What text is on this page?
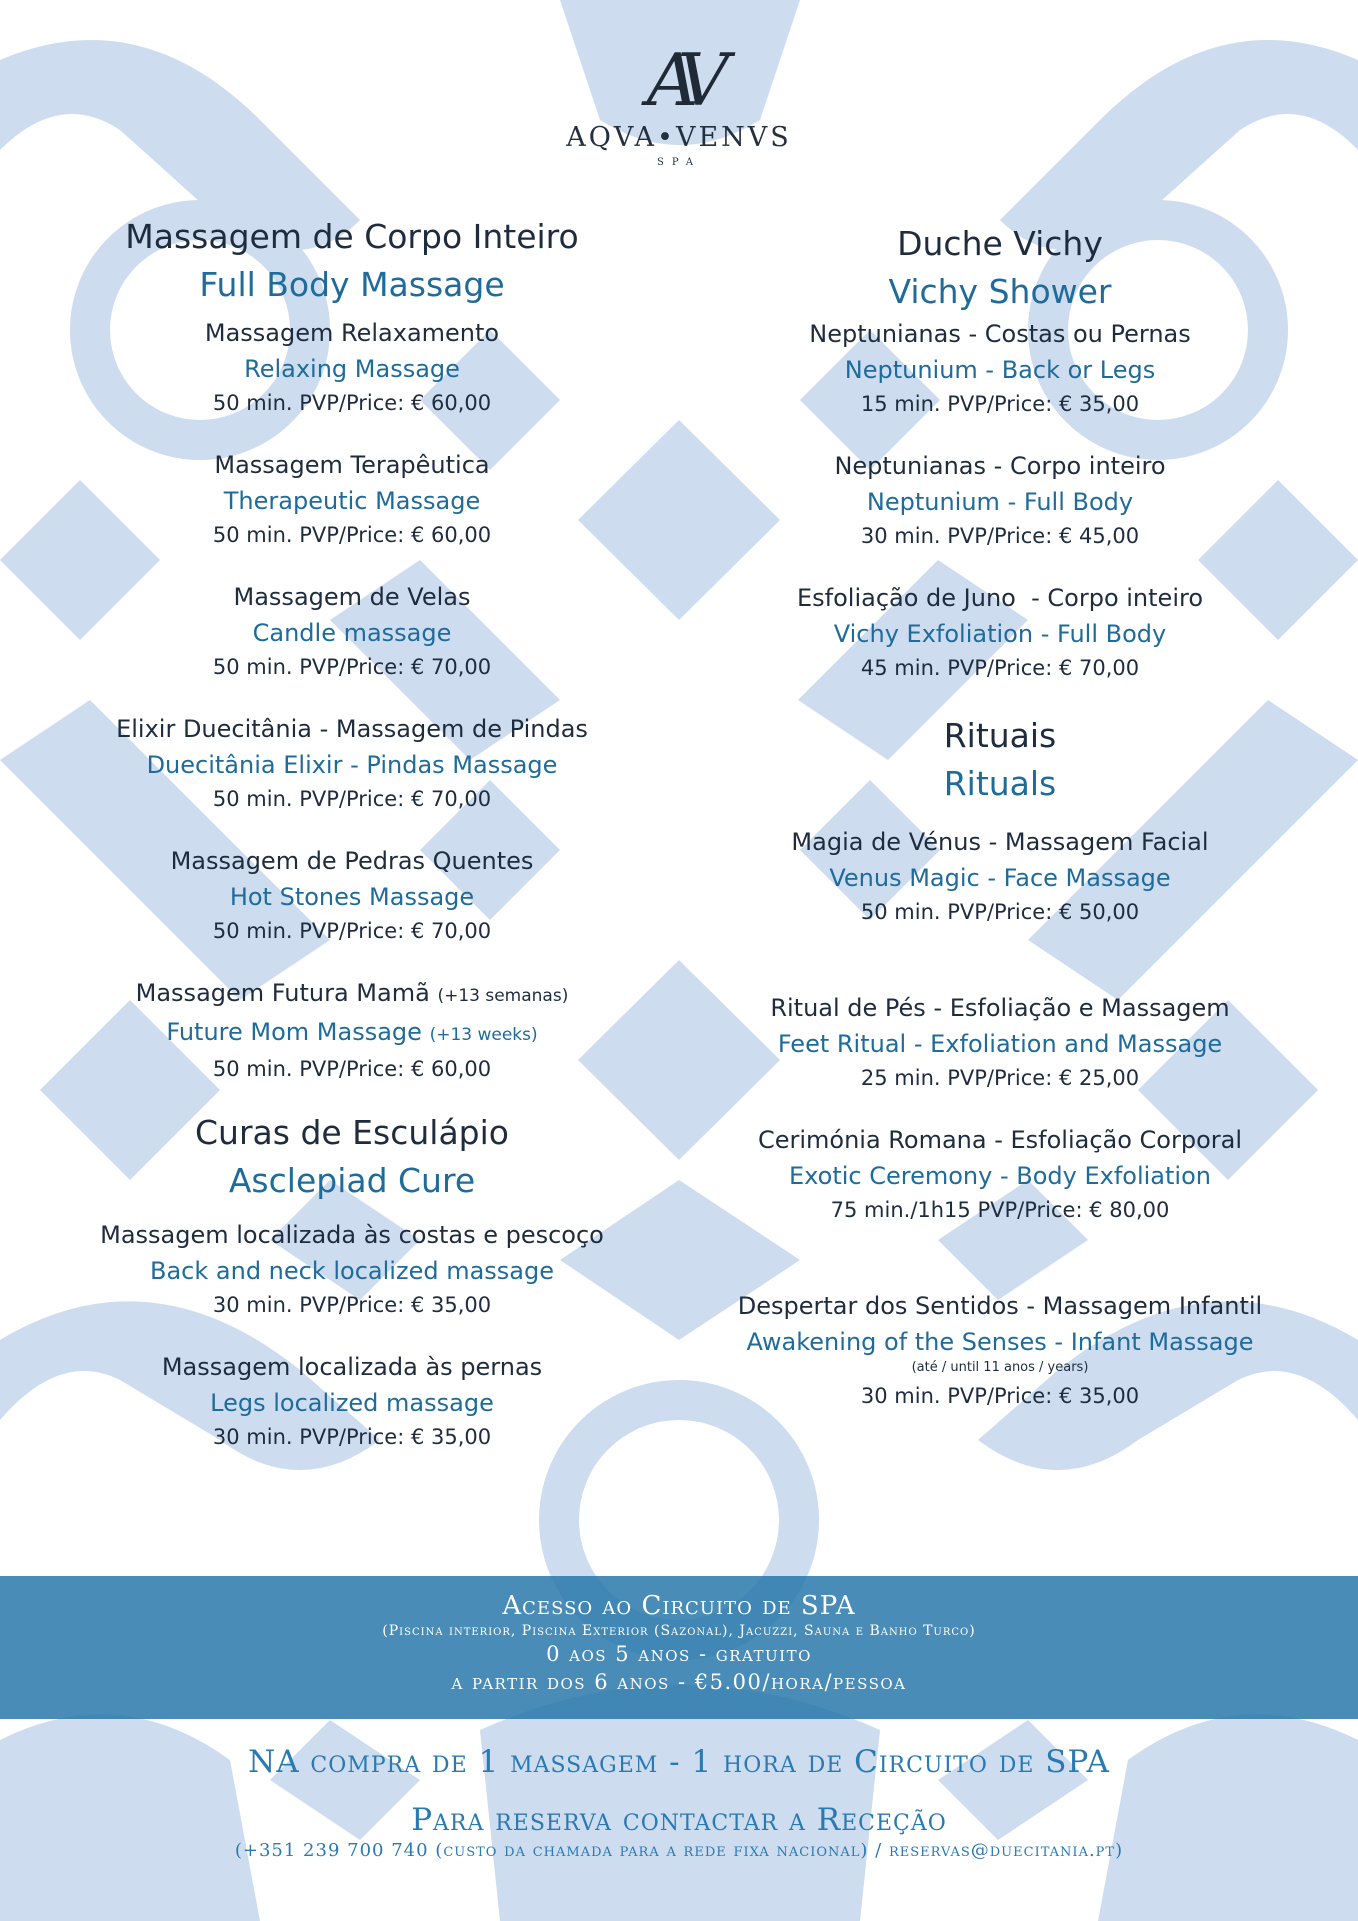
AV
AQVA•VENVS
SPA
Massagem de Corpo Inteiro
Full Body Massage
Massagem Relaxamento
Relaxing Massage
50 min. PVP/Price: € 60,00
Massagem Terapêutica
Therapeutic Massage
50 min. PVP/Price: € 60,00
Massagem de Velas
Candle massage
50 min. PVP/Price: € 70,00
Elixir Duecitânia - Massagem de Pindas
Duecitânia Elixir - Pindas Massage
50 min. PVP/Price: € 70,00
Massagem de Pedras Quentes
Hot Stones Massage
50 min. PVP/Price: € 70,00
Massagem Futura Mamã (+13 semanas)
Future Mom Massage (+13 weeks)
50 min. PVP/Price: € 60,00
Curas de Esculápio
Asclepiad Cure
Massagem localizada às costas e pescoço
Back and neck localized massage
30 min. PVP/Price: € 35,00
Massagem localizada às pernas
Legs localized massage
30 min. PVP/Price: € 35,00
Duche Vichy
Vichy Shower
Neptunianas - Costas ou Pernas
Neptunium - Back or Legs
15 min. PVP/Price: € 35,00
Neptunianas - Corpo inteiro
Neptunium - Full Body
30 min. PVP/Price: € 45,00
Esfoliação de Juno  - Corpo inteiro
Vichy Exfoliation - Full Body
45 min. PVP/Price: € 70,00
Rituais
Rituals
Magia de Vénus - Massagem Facial
Venus Magic - Face Massage
50 min. PVP/Price: € 50,00
Ritual de Pés - Esfoliação e Massagem
Feet Ritual - Exfoliation and Massage
25 min. PVP/Price: € 25,00
Cerimónia Romana - Esfoliação Corporal
Exotic Ceremony - Body Exfoliation
75 min./1h15 PVP/Price: € 80,00
Despertar dos Sentidos - Massagem Infantil
Awakening of the Senses - Infant Massage
(até / until 11 anos / years)
30 min. PVP/Price: € 35,00
Acesso ao Circuito de SPA
(Piscina interior, Piscina Exterior (Sazonal), Jacuzzi, Sauna e Banho Turco)
0 aos 5 anos - gratuito
a partir dos 6 anos - €5.00/hora/pessoa
NA compra de 1 massagem - 1 hora de Circuito de SPA
Para reserva contactar a Receção
(+351 239 700 740 (custo da chamada para a rede fixa nacional) / reservas@duecitania.pt)
